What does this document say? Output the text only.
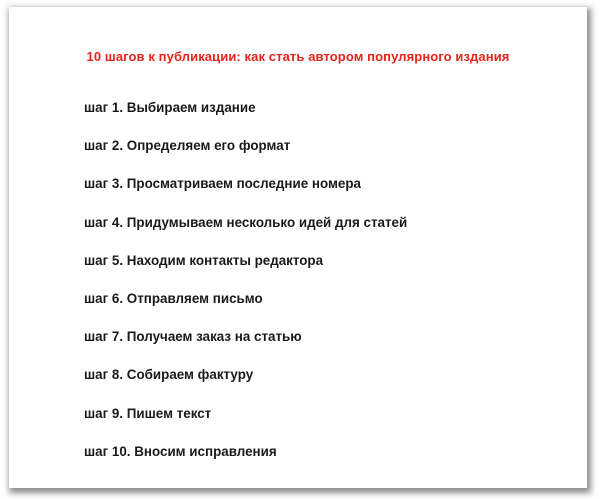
10 шагов к публикации: как стать автором популярного издания
шаг 1. Выбираем издание
шаг 2. Определяем его формат
шаг 3. Просматриваем последние номера
шаг 4. Придумываем несколько идей для статей
шаг 5. Находим контакты редактора
шаг 6. Отправляем письмо
шаг 7. Получаем заказ на статью
шаг 8. Собираем фактуру
шаг 9. Пишем текст
шаг 10. Вносим исправления
